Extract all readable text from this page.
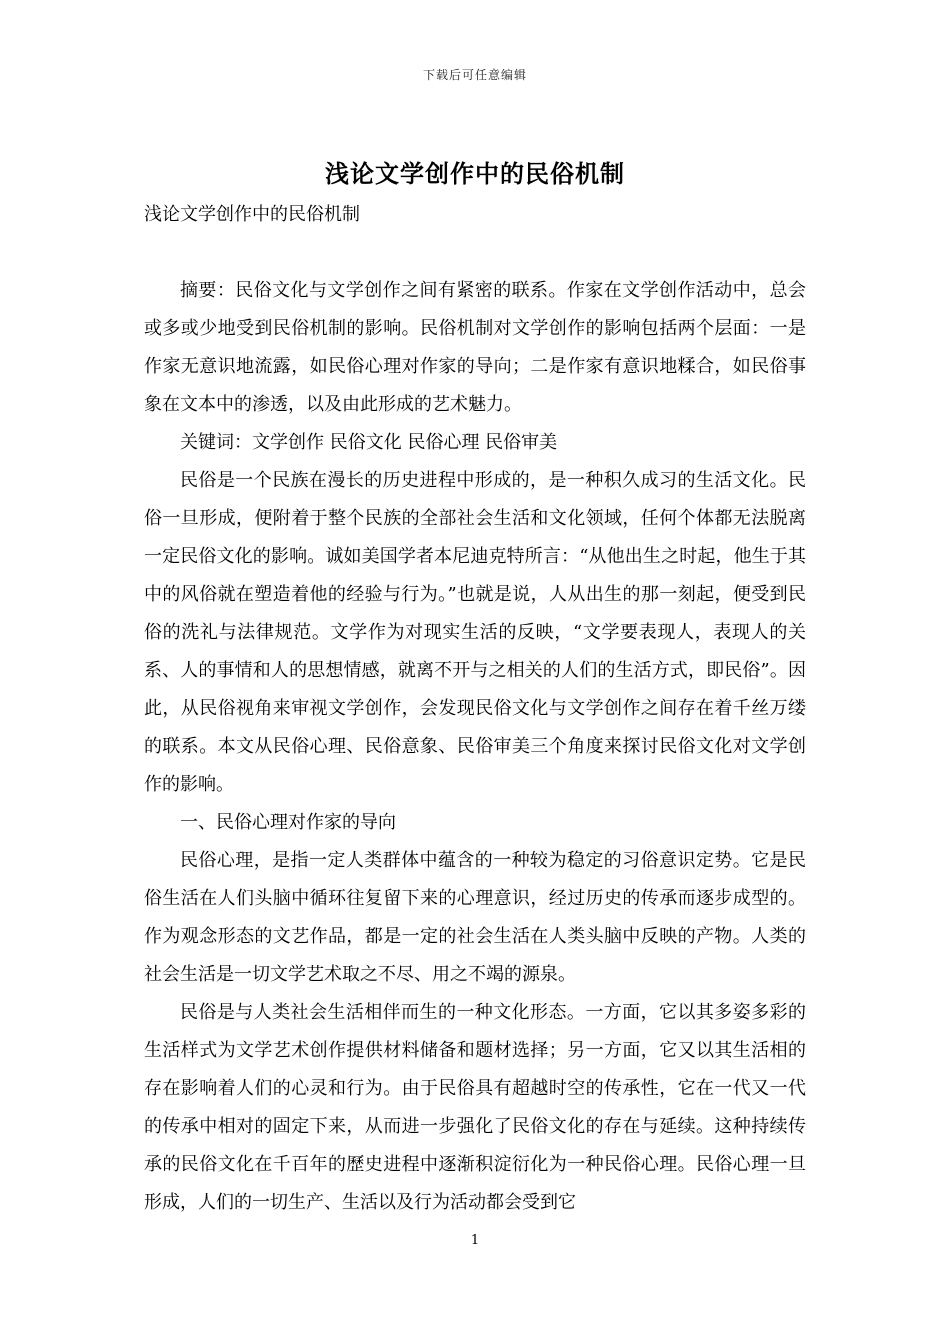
下载后可任意编辑
浅论文学创作中的民俗机制
浅论文学创作中的民俗机制

摘要：民俗文化与文学创作之间有紧密的联系。作家在文学创作活动中，总会或多或少地受到民俗机制的影响。民俗机制对文学创作的影响包括两个层面：一是作家无意识地流露，如民俗心理对作家的导向；二是作家有意识地糅合，如民俗事象在文本中的渗透，以及由此形成的艺术魅力。

关键词：文学创作 民俗文化 民俗心理 民俗审美

民俗是一个民族在漫长的历史进程中形成的，是一种积久成习的生活文化。民俗一旦形成，便附着于整个民族的全部社会生活和文化领域，任何个体都无法脱离一定民俗文化的影响。诚如美国学者本尼迪克特所言：“从他出生之时起，他生于其中的风俗就在塑造着他的经验与行为。”也就是说，人从出生的那一刻起，便受到民俗的洗礼与法律规范。文学作为对现实生活的反映，“文学要表现人，表现人的关系、人的事情和人的思想情感，就离不开与之相关的人们的生活方式，即民俗”。因此，从民俗视角来审视文学创作，会发现民俗文化与文学创作之间存在着千丝万缕的联系。本文从民俗心理、民俗意象、民俗审美三个角度来探讨民俗文化对文学创作的影响。

一、民俗心理对作家的导向

民俗心理，是指一定人类群体中蕴含的一种较为稳定的习俗意识定势。它是民俗生活在人们头脑中循环往复留下来的心理意识，经过历史的传承而逐步成型的。作为观念形态的文艺作品，都是一定的社会生活在人类头脑中反映的产物。人类的社会生活是一切文学艺术取之不尽、用之不竭的源泉。

民俗是与人类社会生活相伴而生的一种文化形态。一方面，它以其多姿多彩的生活样式为文学艺术创作提供材料储备和题材选择；另一方面，它又以其生活相的存在影响着人们的心灵和行为。由于民俗具有超越时空的传承性，它在一代又一代的传承中相对的固定下来，从而进一步强化了民俗文化的存在与延续。这种持续传承的民俗文化在千百年的歷史进程中逐渐积淀衍化为一种民俗心理。民俗心理一旦形成，人们的一切生产、生活以及行为活动都会受到它

1
